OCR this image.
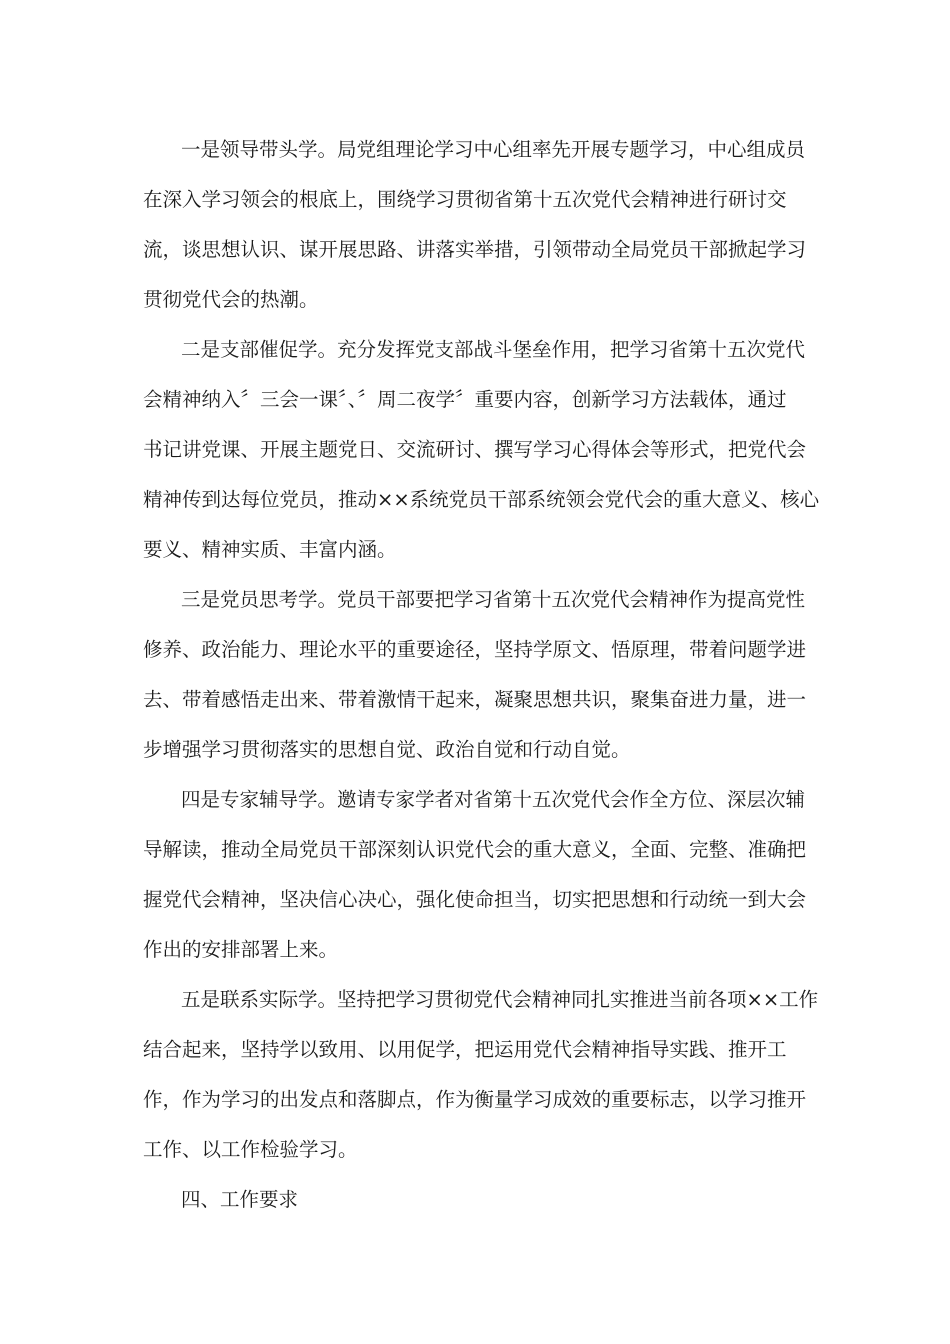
一是领导带头学。局党组理论学习中心组率先开展专题学习，中心组成员
在深入学习领会的根底上，围绕学习贯彻省第十五次党代会精神进行研讨交
流，谈思想认识、谋开展思路、讲落实举措，引领带动全局党员干部掀起学习
贯彻党代会的热潮。
二是支部催促学。充分发挥党支部战斗堡垒作用，把学习省第十五次党代
会精神纳入〞三会一课〞、〞周二夜学〞重要内容，创新学习方法载体，通过
书记讲党课、开展主题党日、交流研讨、撰写学习心得体会等形式，把党代会
精神传到达每位党员，推动××系统党员干部系统领会党代会的重大意义、核心
要义、精神实质、丰富内涵。
三是党员思考学。党员干部要把学习省第十五次党代会精神作为提高党性
修养、政治能力、理论水平的重要途径，坚持学原文、悟原理，带着问题学进
去、带着感悟走出来、带着激情干起来，凝聚思想共识，聚集奋进力量，进一
步增强学习贯彻落实的思想自觉、政治自觉和行动自觉。
四是专家辅导学。邀请专家学者对省第十五次党代会作全方位、深层次辅
导解读，推动全局党员干部深刻认识党代会的重大意义，全面、完整、准确把
握党代会精神，坚决信心决心，强化使命担当，切实把思想和行动统一到大会
作出的安排部署上来。
五是联系实际学。坚持把学习贯彻党代会精神同扎实推进当前各项××工作
结合起来，坚持学以致用、以用促学，把运用党代会精神指导实践、推开工
作，作为学习的出发点和落脚点，作为衡量学习成效的重要标志，以学习推开
工作、以工作检验学习。
四、工作要求
